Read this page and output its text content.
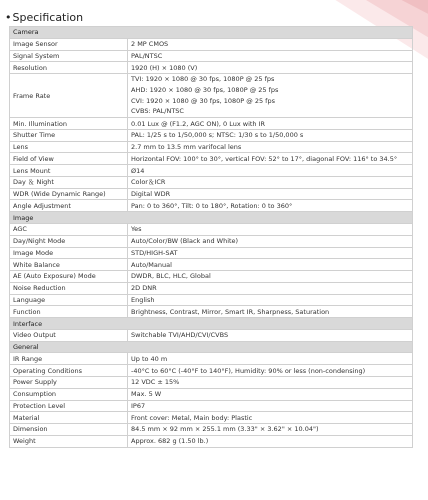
•Specification
Camera	
Image Sensor	2 MP CMOS
Signal System	PAL/NTSC
Resolution	1920 (H) × 1080 (V)
Frame Rate	TVI: 1920 × 1080 @ 30 fps, 1080P @ 25 fps
AHD: 1920 × 1080 @ 30 fps, 1080P @ 25 fps
CVI: 1920 × 1080 @ 30 fps, 1080P @ 25 fps
CVBS: PAL/NTSC

Min. Illumination	0.01 Lux @ (F1.2, AGC ON), 0 Lux with IR
Shutter Time	PAL: 1/25 s to 1/50,000 s; NTSC: 1/30 s to 1/50,000 s
Lens	2.7 mm to 13.5 mm varifocal lens
Field of View	Horizontal FOV: 100° to 30°, vertical FOV: 52° to 17°, diagonal FOV: 116° to 34.5°
Lens Mount	Ø14
Day ＆ Night	Color＆ICR
WDR (Wide Dynamic Range)	Digital WDR
Angle Adjustment	Pan: 0 to 360°, Tilt: 0 to 180°, Rotation: 0 to 360°
Image	
AGC	Yes
Day/Night Mode	Auto/Color/BW (Black and White)
Image Mode	STD/HIGH-SAT
White Balance	Auto/Manual
AE (Auto Exposure) Mode	DWDR, BLC, HLC, Global
Noise Reduction	2D DNR
Language	English
Function	Brightness, Contrast, Mirror, Smart IR, Sharpness, Saturation
Interface	
Video Output	Switchable TVI/AHD/CVI/CVBS
General	
IR Range	Up to 40 m
Operating Conditions	-40°C to 60°C (-40°F to 140°F), Humidity: 90% or less (non-condensing)
Power Supply	12 VDC ± 15%
Consumption	Max. 5 W
Protection Level	IP67
Material	Front cover: Metal, Main body: Plastic
Dimension	84.5 mm × 92 mm × 255.1 mm (3.33" × 3.62" × 10.04")
Weight	Approx. 682 g (1.50 lb.)
